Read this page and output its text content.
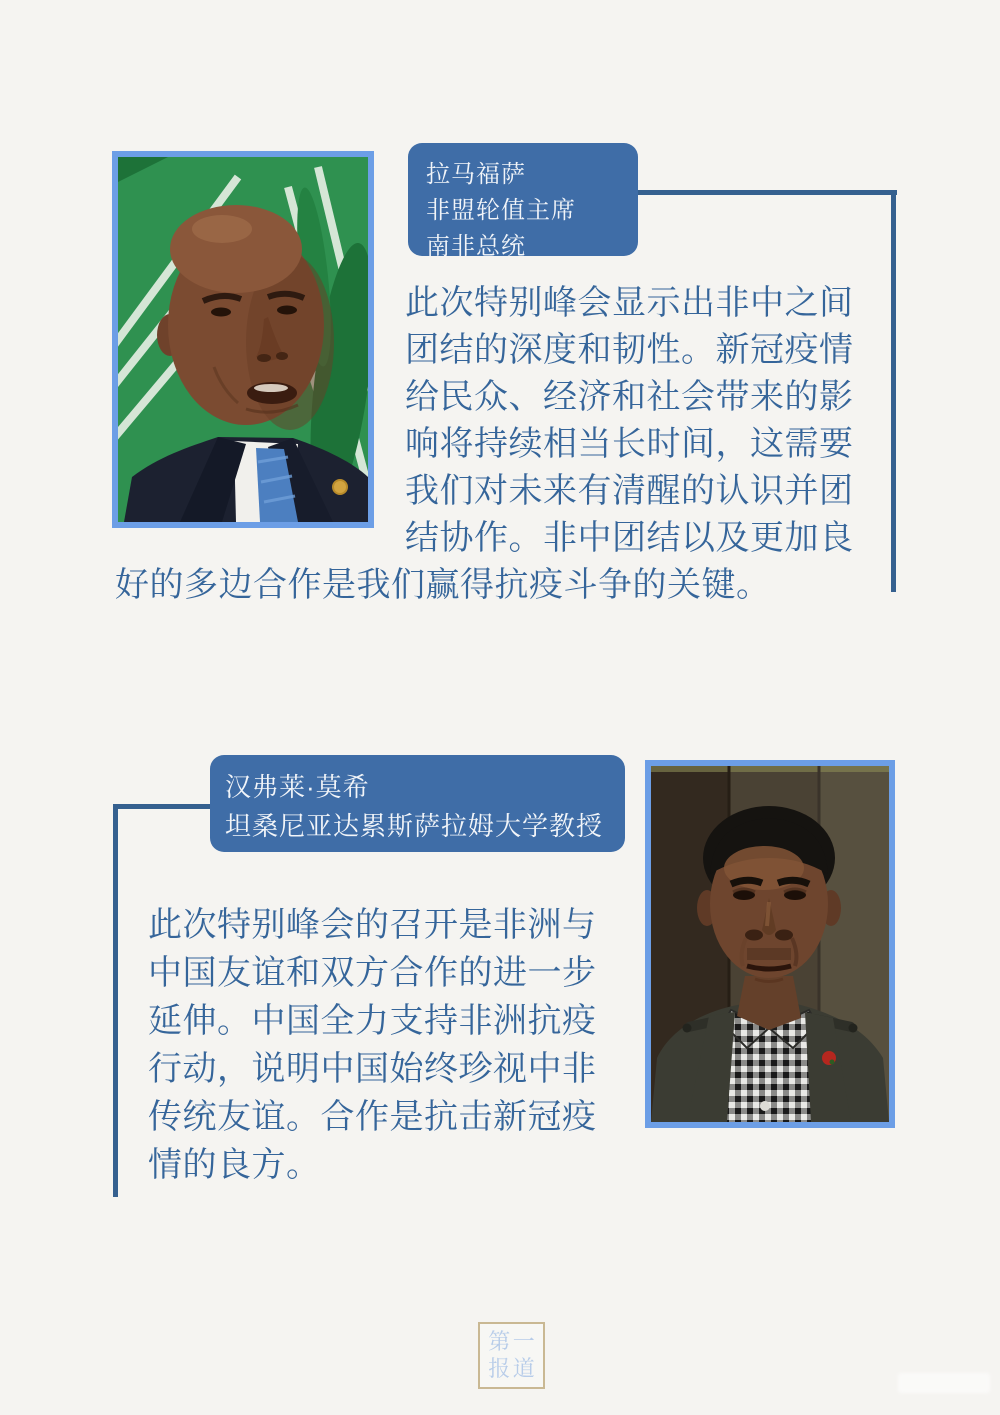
拉马福萨
非盟轮值主席
南非总统
此次特别峰会显示出非中之间
团结的深度和韧性。新冠疫情
给民众、经济和社会带来的影
响将持续相当长时间，这需要
我们对未来有清醒的认识并团
结协作。非中团结以及更加良
好的多边合作是我们赢得抗疫斗争的关键。
汉弗莱·莫希
坦桑尼亚达累斯萨拉姆大学教授
此次特别峰会的召开是非洲与
中国友谊和双方合作的进一步
延伸。中国全力支持非洲抗疫
行动，说明中国始终珍视中非
传统友谊。合作是抗击新冠疫
情的良方。
第 一
报 道
